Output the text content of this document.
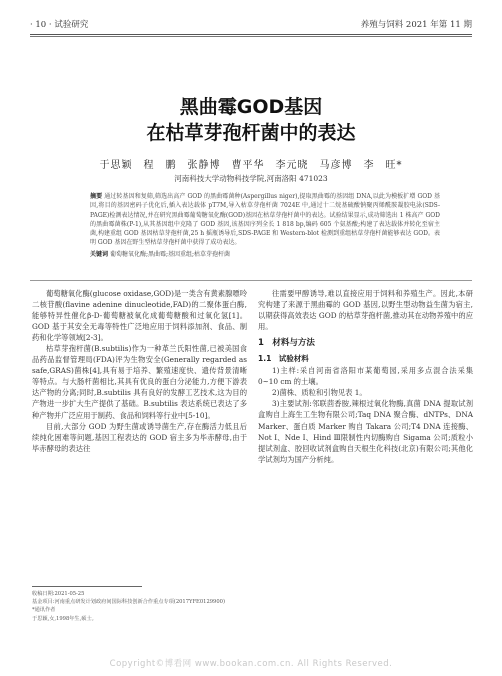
· 10 · 试验研究	养殖与饲料 2021 年第 11 期
黑曲霉GOD基因
在枯草芽孢杆菌中的表达
于思颖　程　鹏　张静博　曹平华　李元晓　马彦博　李　旺*
河南科技大学动物科技学院,河南洛阳 471023
摘要 通过转基因和复筛,筛选出高产 GOD 的黑曲霉菌种(Aspergillus niger),提取黑曲霉的基因组 DNA,以此为模板扩增 GOD 基因,将目的基因密码子优化后,插入表达载体 pT7M,导入枯草芽孢杆菌 7024E 中,通过十二烷基硫酸钠聚丙烯酰胺凝胶电泳(SDS-PAGE)检测表达情况,并在研究黑曲霉葡萄糖氧化酶(GOD)基因在枯草芽孢杆菌中的表达。试验结果显示,成功筛选出 1 株高产 GOD 的黑曲霉菌株(P-1),从其基因组中克隆了 GOD 基因,该基因序列全长 1 818 bp,编码 605 个氨基酸;构建了表达载体并转化至宿主菌,构建重组 GOD 基因枯草芽孢杆菌,25 h 摇瓶诱导后,SDS-PAGE 和 Western-blot 检测到重组枯草芽孢杆菌能够表达 GOD。表明 GOD 基因在野生型枯草芽孢杆菌中获得了成功表达。
关键词 葡萄糖氧化酶;黑曲霉;基因重组;枯草芽孢杆菌

葡萄糖氧化酶(glucose oxidase,GOD)是一类含有黄素腺嘌呤二核苷酸(flavine adenine dinucleotide,FAD)的二聚体蛋白酶,能够特异性催化β-D-葡萄糖被氧化成葡萄糖酸和过氧化氢[1]。GOD 基于其安全无毒等特性广泛地应用于饲料添加剂、食品、制药和化学等领域[2-3]。

枯草芽孢杆菌(B.subtilis)作为一种革兰氏阳性菌,已被美国食品药品监督管理局(FDA)评为生物安全(Generally regarded as safe,GRAS)菌株[4],具有易于培养、繁殖速度快、遗传背景清晰等特点。与大肠杆菌相比,其具有优良的蛋白分泌能力,方便下游表达产物的分离;同时,B.subtilis 具有良好的发酵工艺技术,这为目的产物进一步扩大生产提供了基础。B.subtilis 表达系统已表达了多种产物并广泛应用于制药、食品和饲料等行业中[5-10]。

目前,大部分 GOD 为野生菌或诱导菌生产,存在酶活力低且后续纯化困难等问题,基因工程表达的 GOD 宿主多为毕赤酵母,由于毕赤酵母的表达往

往需要甲醇诱导,难以直接应用于饲料和养殖生产。因此,本研究构建了来源于黑曲霉的 GOD 基因,以野生型动物益生菌为宿主,以期获得高效表达 GOD 的枯草芽孢杆菌,推动其在动物养殖中的应用。

1　材料与方法
1.1　试验材料

1)主样:采自河南省洛阳市某葡萄园,采用多点混合法采集 0~10 cm 的土壤。

2)菌株、质粒和引物见表 1。

3)主要试剂:邻联茴香胺,辣根过氧化物酶,真菌 DNA 提取试剂盒购自上海生工生物有限公司;Taq DNA 聚合酶、dNTPs、DNA Marker、蛋白质 Marker 购自 Takara 公司;T4 DNA 连接酶、Not Ⅰ、Nde Ⅰ、Hind Ⅲ限制性内切酶购自 Sigama 公司;质粒小提试剂盒、胶回收试剂盒购自天根生化科技(北京)有限公司;其他化学试剂均为国产分析纯。

收稿日期:2021-05-25
基金项目:河南重点研发计划政府间国际科技创新合作重点专项(2017YFE0129900)
*通讯作者
于思颖,女,1998年生,硕士。
Copyright©博看网 www.bookan.com.cn. All Rights Reserved.
